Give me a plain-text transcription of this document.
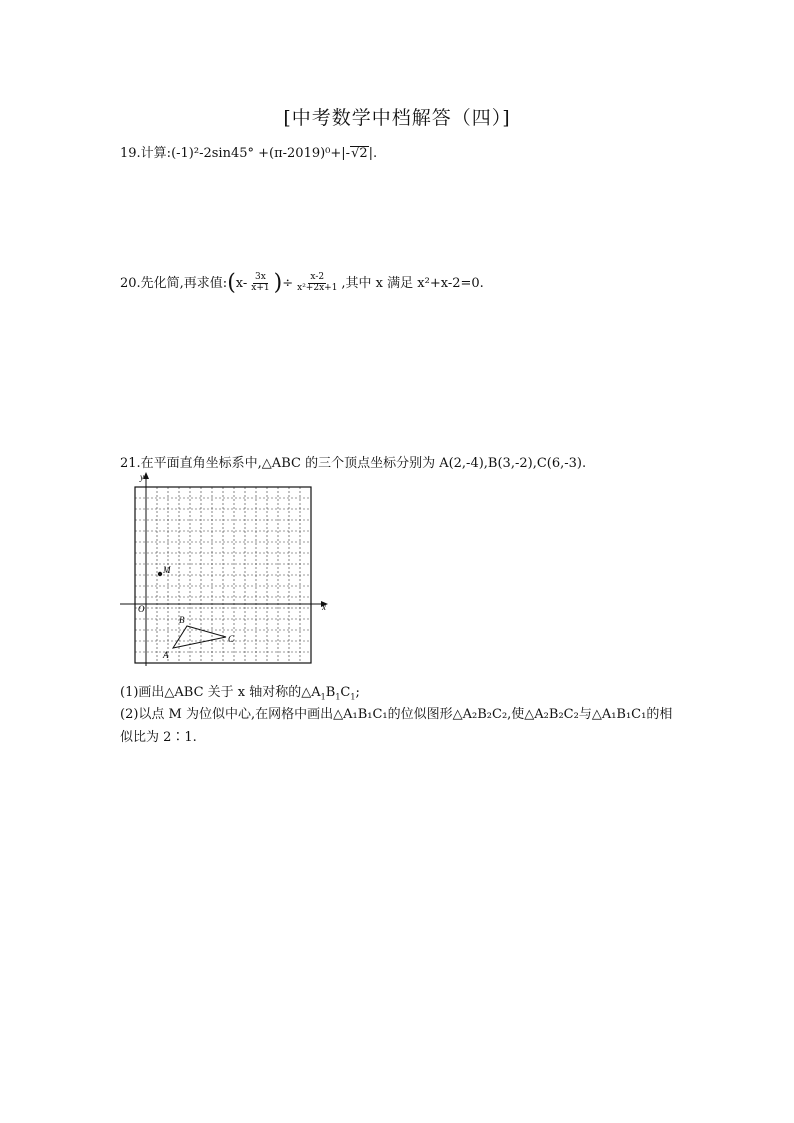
[中考数学中档解答（四）]
19.计算:(-1)²-2sin45° +(π-2019)⁰+|-√2|.
20.先化简,再求值:(x- $\frac{3x}{x+1}$ )÷ $\frac{x-2}{\text{x²+2x+1}}$ ,其中 x 满足 x²+x-2=0.
21.在平面直角坐标系中,△ABC 的三个顶点坐标分别为 A(2,-4),B(3,-2),C(6,-3).
x
y
O
M
A
B
C
(1)画出△ABC 关于 x 轴对称的$\triangle A_1B_1C_1$;
(2)以点 M 为位似中心,在网格中画出△A₁B₁C₁的位似图形△A₂B₂C₂,使△A₂B₂C₂与△A₁B₁C₁的相
似比为 2∶1.
